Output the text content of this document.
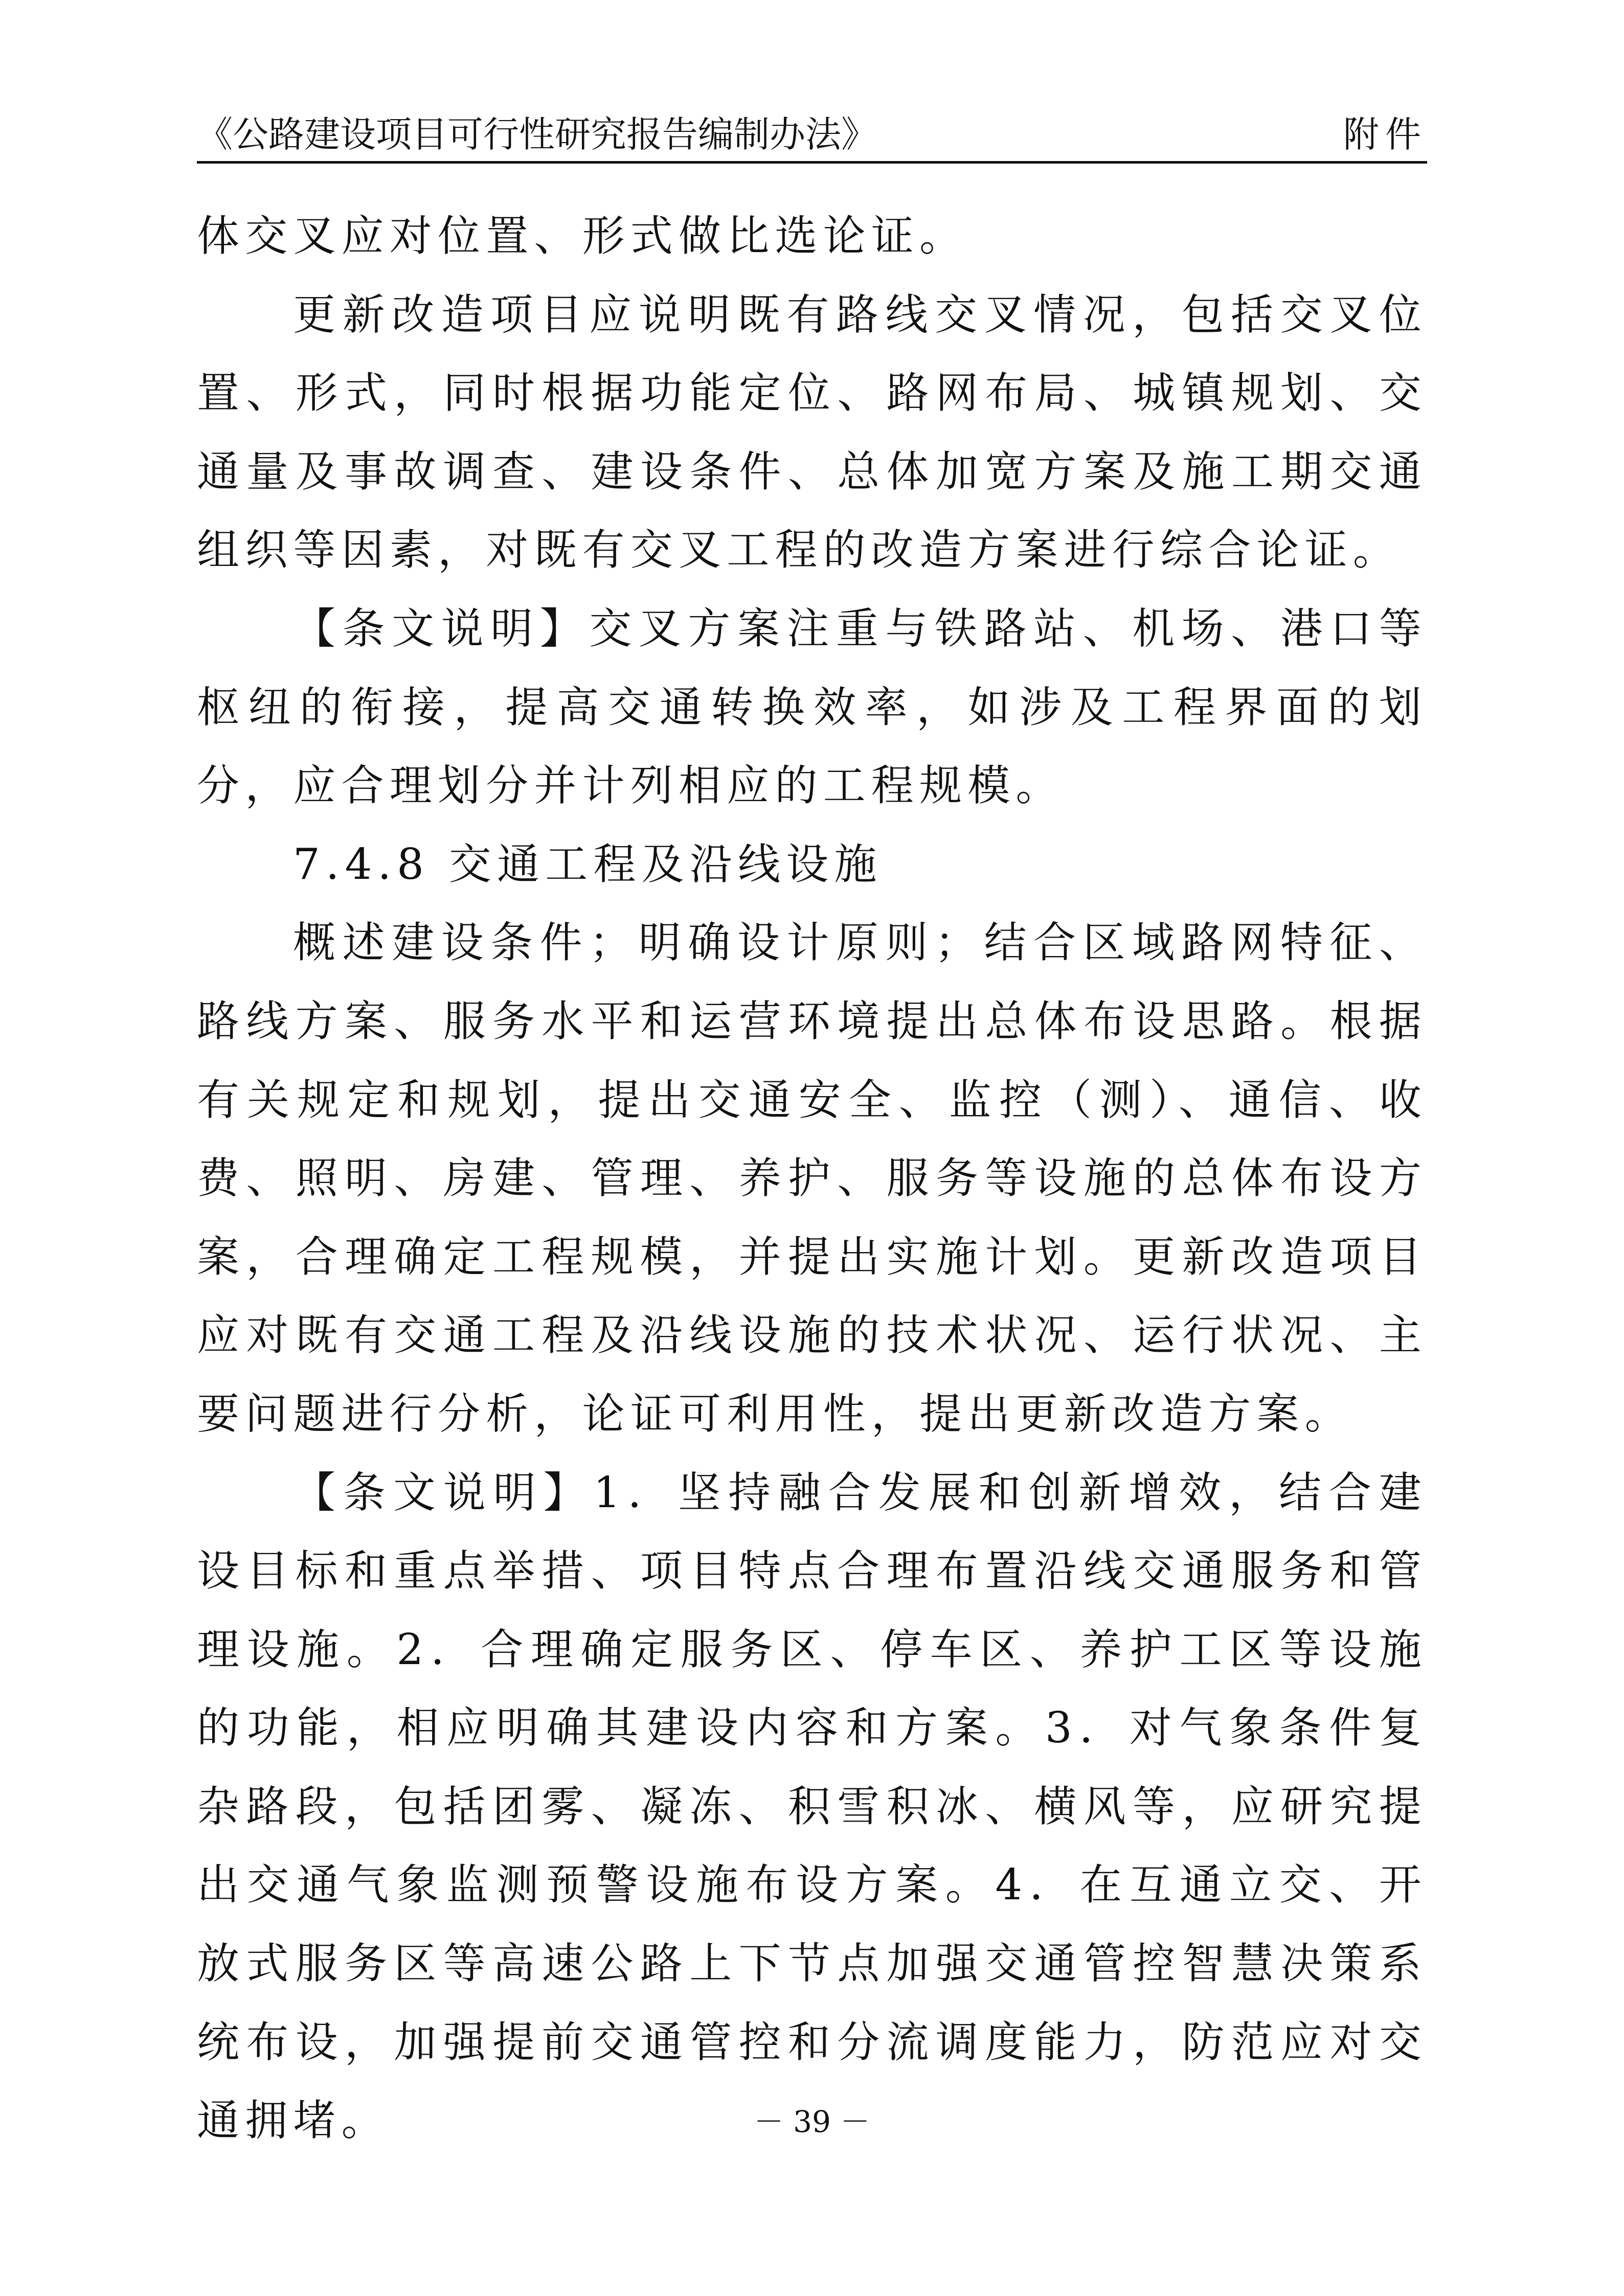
《公路建设项目可行性研究报告编制办法》	附件

体交叉应对位置、形式做比选论证。

更新改造项目应说明既有路线交叉情况，包括交叉位置、形式，同时根据功能定位、路网布局、城镇规划、交通量及事故调查、建设条件、总体加宽方案及施工期交通组织等因素，对既有交叉工程的改造方案进行综合论证。

【条文说明】交叉方案注重与铁路站、机场、港口等枢纽的衔接，提高交通转换效率，如涉及工程界面的划分，应合理划分并计列相应的工程规模。

7.4.8 交通工程及沿线设施

概述建设条件；明确设计原则；结合区域路网特征、路线方案、服务水平和运营环境提出总体布设思路。根据有关规定和规划，提出交通安全、监控（测）、通信、收费、照明、房建、管理、养护、服务等设施的总体布设方案，合理确定工程规模，并提出实施计划。更新改造项目应对既有交通工程及沿线设施的技术状况、运行状况、主要问题进行分析，论证可利用性，提出更新改造方案。

【条文说明】1．坚持融合发展和创新增效，结合建设目标和重点举措、项目特点合理布置沿线交通服务和管理设施。2．合理确定服务区、停车区、养护工区等设施的功能，相应明确其建设内容和方案。3．对气象条件复杂路段，包括团雾、凝冻、积雪积冰、横风等，应研究提出交通气象监测预警设施布设方案。4．在互通立交、开放式服务区等高速公路上下节点加强交通管控智慧决策系统布设，加强提前交通管控和分流调度能力，防范应对交通拥堵。	－ 39 －
